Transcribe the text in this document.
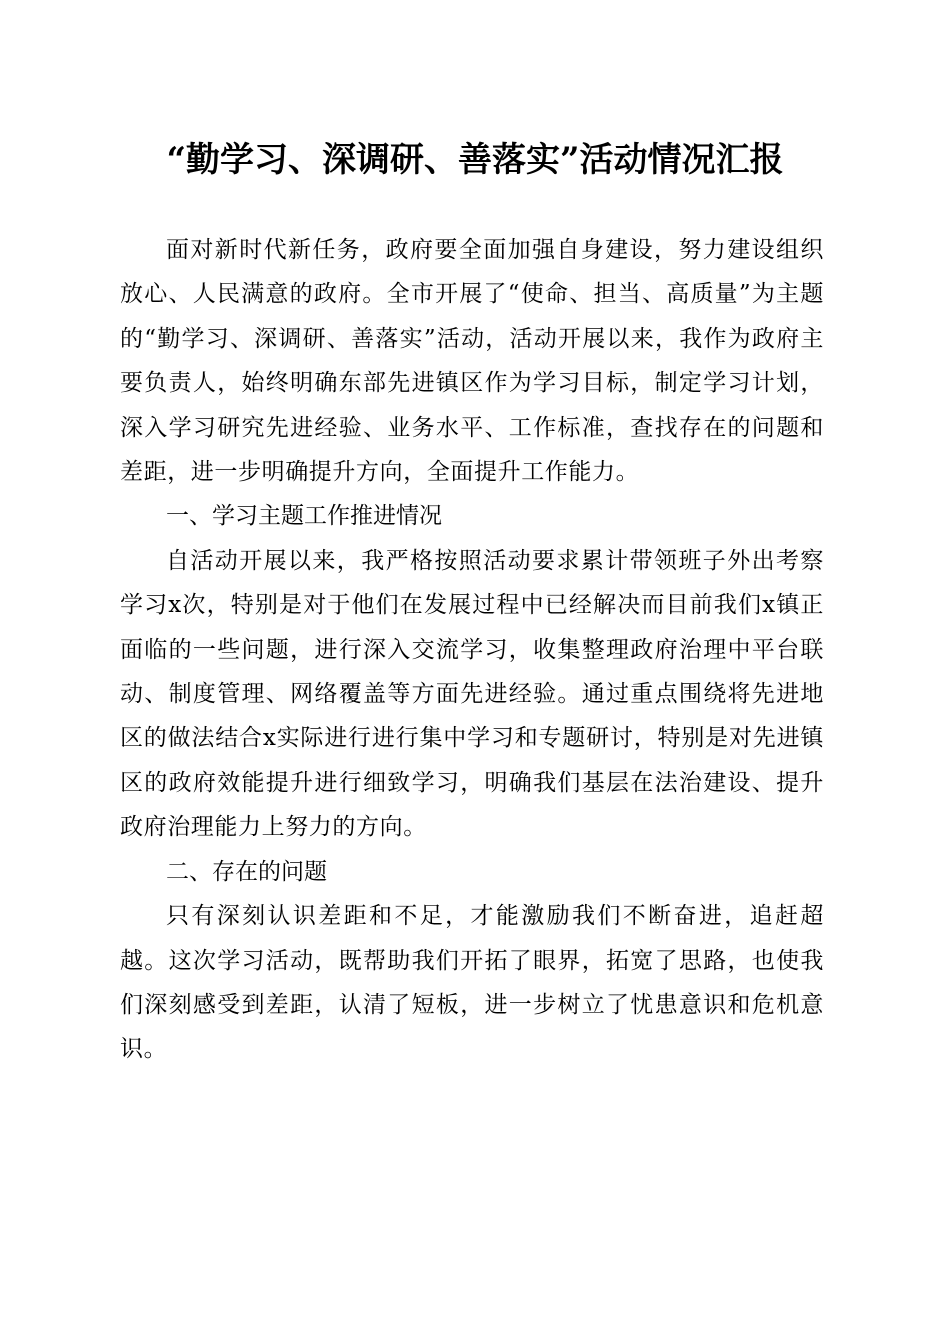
“勤学习、深调研、善落实”活动情况汇报

面对新时代新任务，政府要全面加强自身建设，努力建设组织放心、人民满意的政府。全市开展了“使命、担当、高质量”为主题的“勤学习、深调研、善落实”活动，活动开展以来，我作为政府主要负责人，始终明确东部先进镇区作为学习目标，制定学习计划，深入学习研究先进经验、业务水平、工作标准，查找存在的问题和差距，进一步明确提升方向，全面提升工作能力。

一、学习主题工作推进情况

自活动开展以来，我严格按照活动要求累计带领班子外出考察学习x次，特别是对于他们在发展过程中已经解决而目前我们x镇正面临的一些问题，进行深入交流学习，收集整理政府治理中平台联动、制度管理、网络覆盖等方面先进经验。通过重点围绕将先进地区的做法结合x实际进行进行集中学习和专题研讨，特别是对先进镇区的政府效能提升进行细致学习，明确我们基层在法治建设、提升政府治理能力上努力的方向。

二、存在的问题

只有深刻认识差距和不足，才能激励我们不断奋进，追赶超越。这次学习活动，既帮助我们开拓了眼界，拓宽了思路，也使我们深刻感受到差距，认清了短板，进一步树立了忧患意识和危机意识。
